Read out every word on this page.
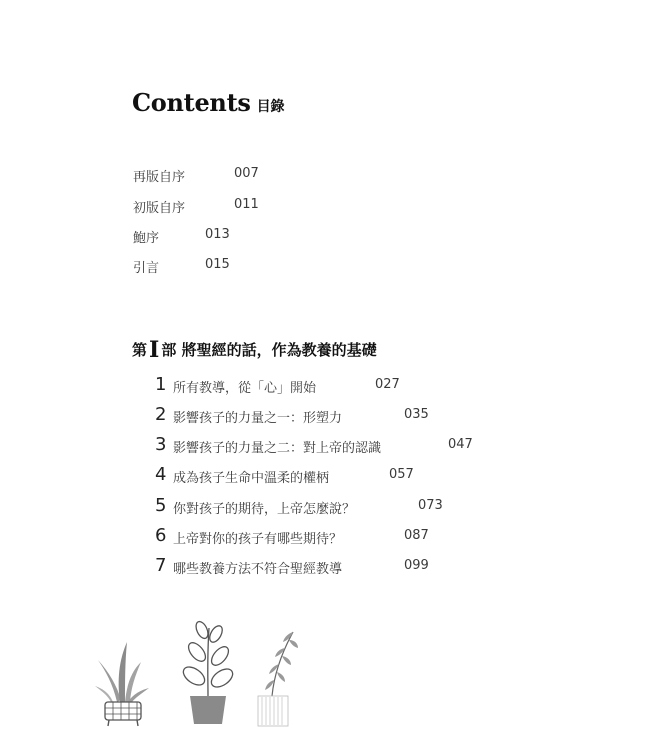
Contents 目錄
再版自序	007
初版自序	011
鮑序	013
引言	015
第I 部 將聖經的話，作為教養的基礎
1 所有教導，從「心」開始	027
2 影響孩子的力量之一：形塑力	035
3 影響孩子的力量之二：對上帝的認識	047
4 成為孩子生命中溫柔的權柄	057
5 你對孩子的期待，上帝怎麼說？	073
6 上帝對你的孩子有哪些期待？	087
7 哪些教養方法不符合聖經教導	099
